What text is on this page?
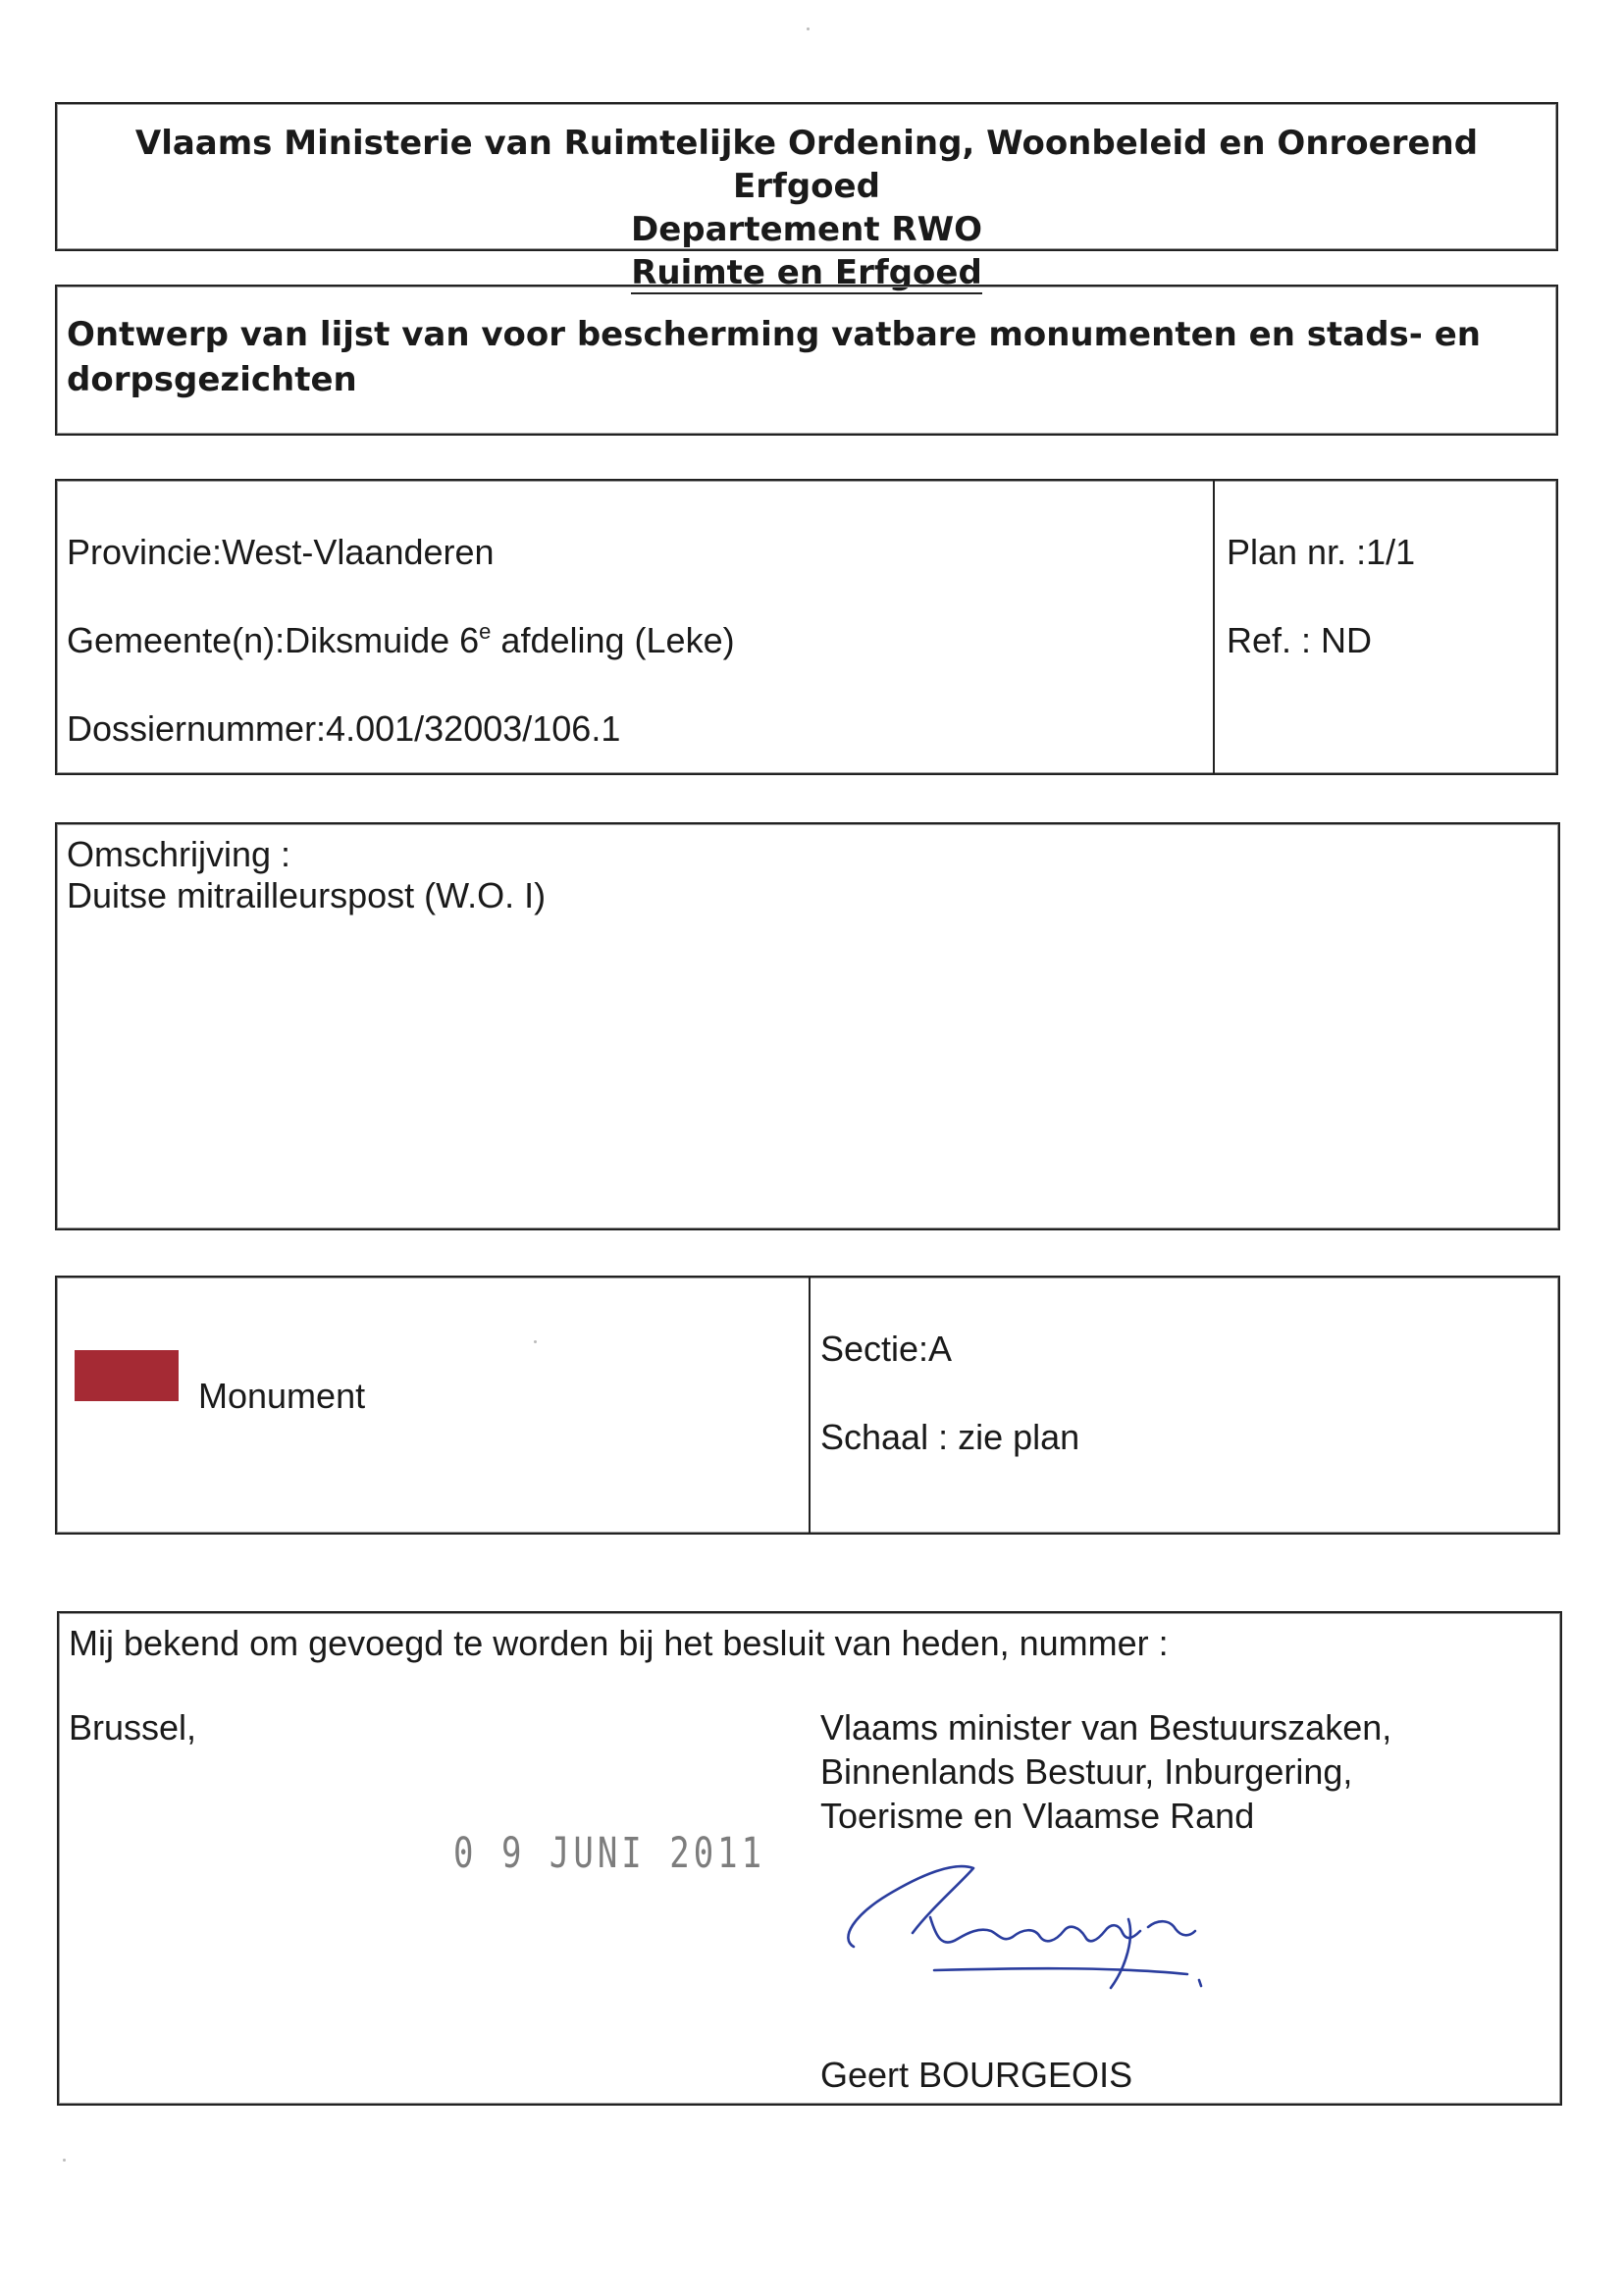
Vlaams Ministerie van Ruimtelijke Ordening, Woonbeleid en Onroerend Erfgoed
Departement RWO
Ruimte en Erfgoed
Ontwerp van lijst van voor bescherming vatbare monumenten en stads- en dorpsgezichten
Provincie:West-Vlaanderen
Gemeente(n):Diksmuide 6e afdeling (Leke)
Dossiernummer:4.001/32003/106.1
Plan nr. :1/1
Ref. : ND
Omschrijving :
Duitse mitrailleurspost (W.O. I)
Monument
Sectie:A
Schaal : zie plan
Mij bekend om gevoegd te worden bij het besluit van heden, nummer :
Brussel,
0 9 JUNI 2011
Vlaams minister van Bestuurszaken,
Binnenlands Bestuur, Inburgering,
Toerisme en Vlaamse Rand
Geert BOURGEOIS
